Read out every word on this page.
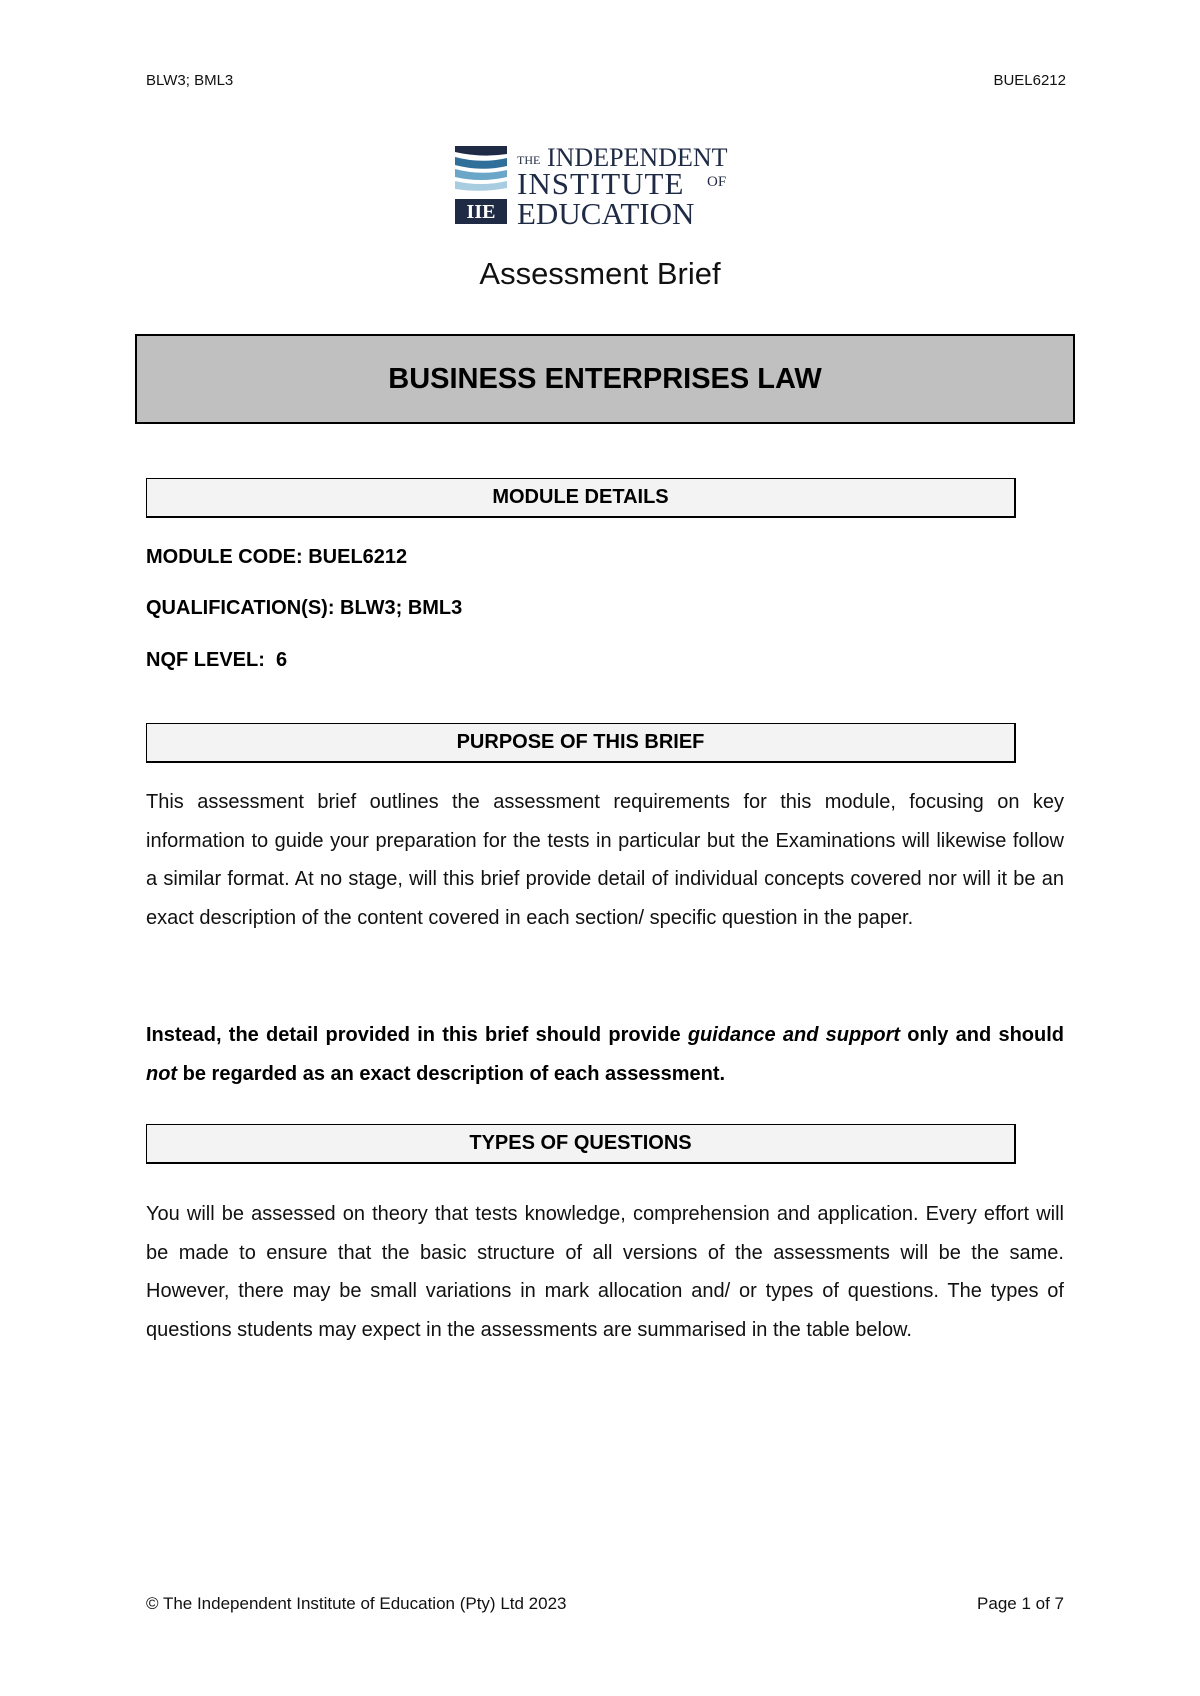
BLW3; BML3	BUEL6212
IIE
THE INDEPENDENT
INSTITUTE OF
EDUCATION
Assessment Brief
BUSINESS ENTERPRISES LAW
MODULE DETAILS
MODULE CODE: BUEL6212
QUALIFICATION(S): BLW3; BML3
NQF LEVEL:  6
PURPOSE OF THIS BRIEF

This assessment brief outlines the assessment requirements for this module, focusing on key information to guide your preparation for the tests in particular but the Examinations will likewise follow a similar format. At no stage, will this brief provide detail of individual concepts covered nor will it be an exact description of the content covered in each section/ specific question in the paper.

Instead, the detail provided in this brief should provide guidance and support only and should not be regarded as an exact description of each assessment.

TYPES OF QUESTIONS

You will be assessed on theory that tests knowledge, comprehension and application. Every effort will be made to ensure that the basic structure of all versions of the assessments will be the same. However, there may be small variations in mark allocation and/ or types of questions. The types of questions students may expect in the assessments are summarised in the table below.

© The Independent Institute of Education (Pty) Ltd 2023	Page 1 of 7
